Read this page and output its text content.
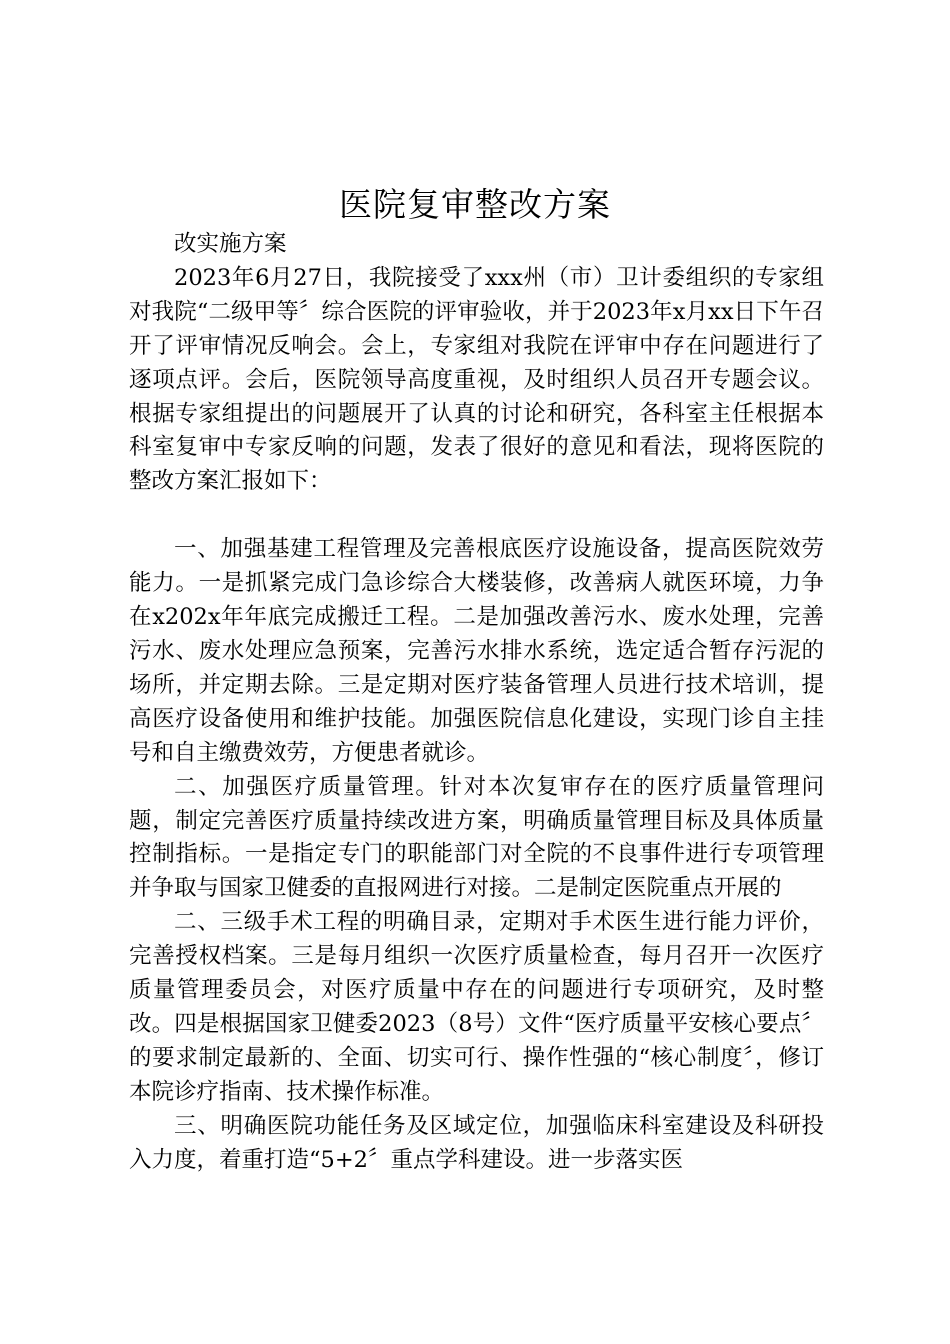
医院复审整改方案

改实施方案

2023年6月27日，我院接受了xxx州（市）卫计委组织的专家组对我院“二级甲等〞综合医院的评审验收，并于2023年x月xx日下午召开了评审情况反响会。会上，专家组对我院在评审中存在问题进行了逐项点评。会后，医院领导高度重视，及时组织人员召开专题会议。根据专家组提出的问题展开了认真的讨论和研究，各科室主任根据本科室复审中专家反响的问题，发表了很好的意见和看法，现将医院的整改方案汇报如下：

一、加强基建工程管理及完善根底医疗设施设备，提高医院效劳能力。一是抓紧完成门急诊综合大楼装修，改善病人就医环境，力争在x202x年年底完成搬迁工程。二是加强改善污水、废水处理，完善污水、废水处理应急预案，完善污水排水系统，选定适合暂存污泥的场所，并定期去除。三是定期对医疗装备管理人员进行技术培训，提高医疗设备使用和维护技能。加强医院信息化建设，实现门诊自主挂号和自主缴费效劳，方便患者就诊。

二、加强医疗质量管理。针对本次复审存在的医疗质量管理问题，制定完善医疗质量持续改进方案，明确质量管理目标及具体质量控制指标。一是指定专门的职能部门对全院的不良事件进行专项管理并争取与国家卫健委的直报网进行对接。二是制定医院重点开展的

二、三级手术工程的明确目录，定期对手术医生进行能力评价，完善授权档案。三是每月组织一次医疗质量检查，每月召开一次医疗质量管理委员会，对医疗质量中存在的问题进行专项研究，及时整改。四是根据国家卫健委2023（8号）文件“医疗质量平安核心要点〞的要求制定最新的、全面、切实可行、操作性强的“核心制度〞，修订本院诊疗指南、技术操作标准。

三、明确医院功能任务及区域定位，加强临床科室建设及科研投入力度，着重打造“5+2〞重点学科建设。进一步落实医
